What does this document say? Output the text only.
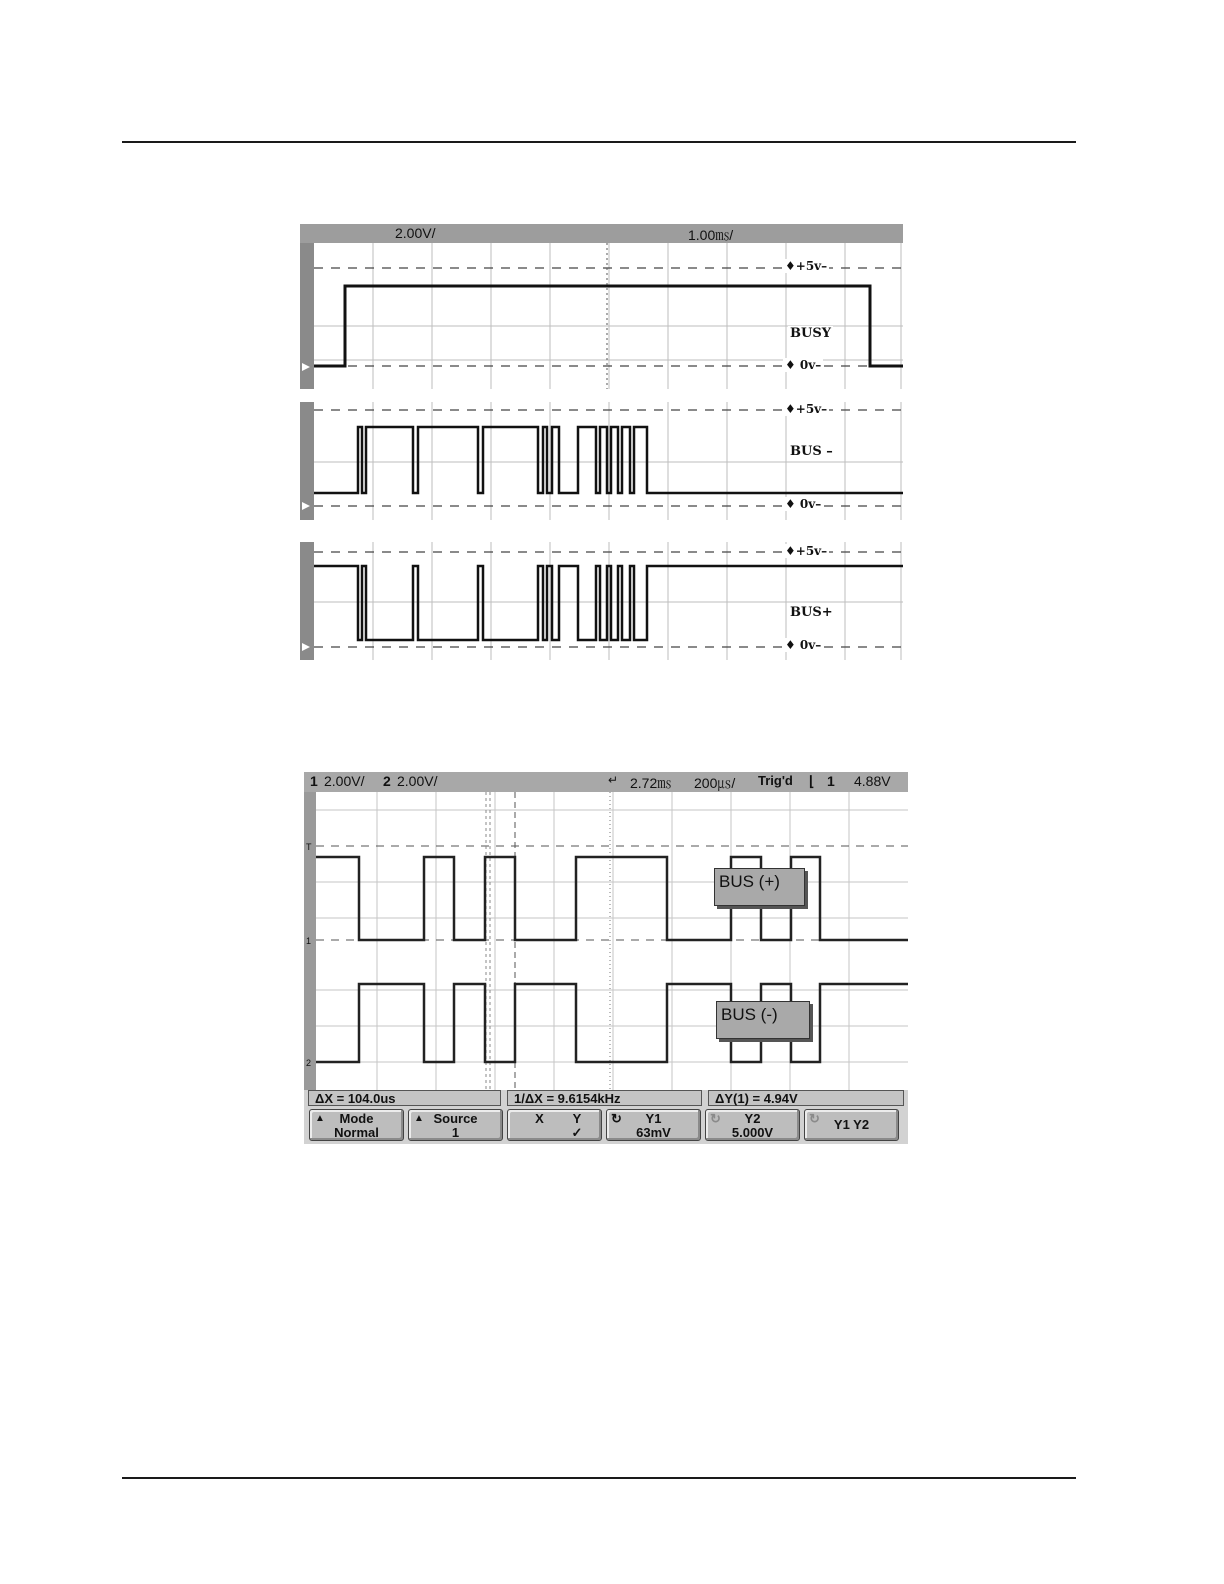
2.00V/	1.00㎳/
♦+5v–
BUSY
♦ 0v–
♦+5v–
BUS –
♦ 0v–
♦+5v–
BUS+
♦ 0v–
1 2.00V/ 2 2.00V/	↵ 2.72㎳ 200㎲/ Trig'd ⌊ 1 4.88V
T
1
2
BUS (+)
BUS (-)
ΔX = 104.0us	1/ΔX = 9.6154kHz	ΔY(1) = 4.94V
▲	Mode
Normal
▲ Source
1
X	Y
✓
↻	Y1
63mV
↻	Y2
5.000V
↻	Y1 Y2
